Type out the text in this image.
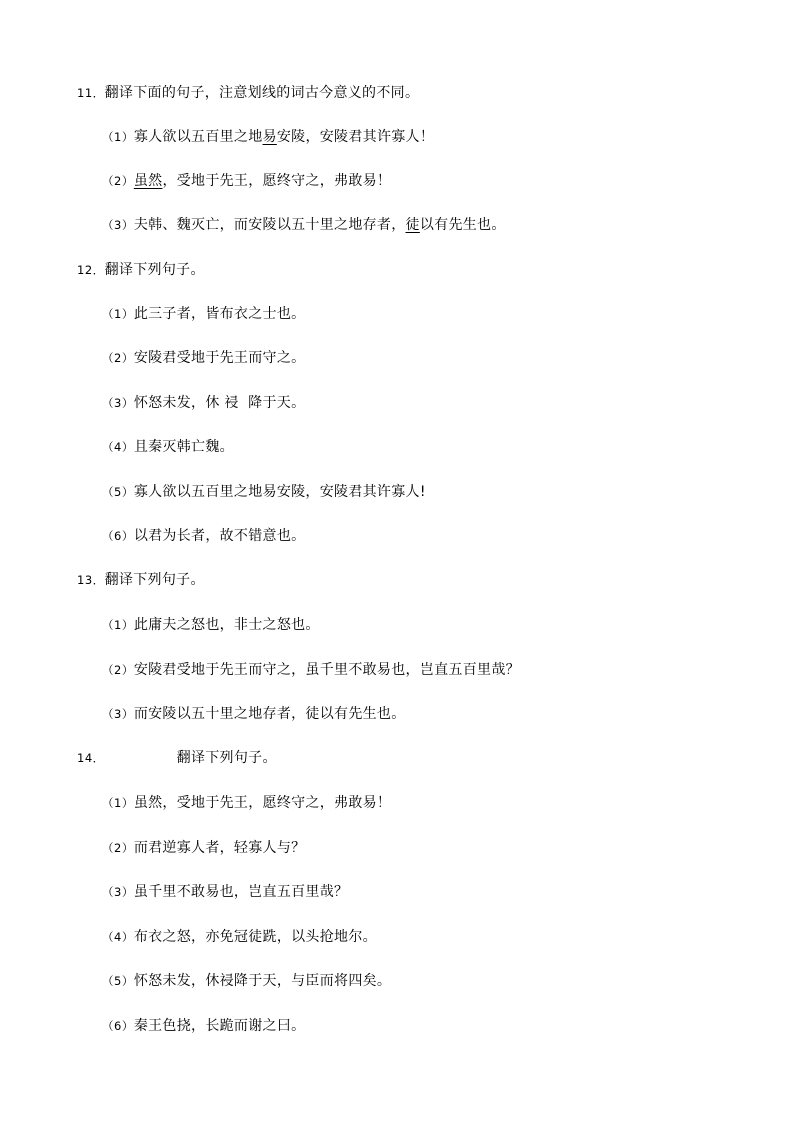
11．翻译下面的句子，注意划线的词古今意义的不同。
（1）寡人欲以五百里之地易安陵，安陵君其许寡人！
（2）虽然，受地于先王，愿终守之，弗敢易！
（3）夫韩、魏灭亡，而安陵以五十里之地存者，徒以有先生也。
12．翻译下列句子。
（1）此三子者，皆布衣之士也。
（2）安陵君受地于先王而守之。
（3）怀怒未发，休 祲  降于天。
（4）且秦灭韩亡魏。
（5）寡人欲以五百里之地易安陵，安陵君其许寡人!
（6）以君为长者，故不错意也。
13．翻译下列句子。
（1）此庸夫之怒也，非士之怒也。
（2）安陵君受地于先王而守之，虽千里不敢易也，岂直五百里哉？
（3）而安陵以五十里之地存者，徒以有先生也。
14．	翻译下列句子。
（1）虽然，受地于先王，愿终守之，弗敢易！
（2）而君逆寡人者，轻寡人与？
（3）虽千里不敢易也，岂直五百里哉？
（4）布衣之怒，亦免冠徒跣，以头抢地尔。
（5）怀怒未发，休祲降于天，与臣而将四矣。
（6）秦王色挠，长跪而谢之曰。
